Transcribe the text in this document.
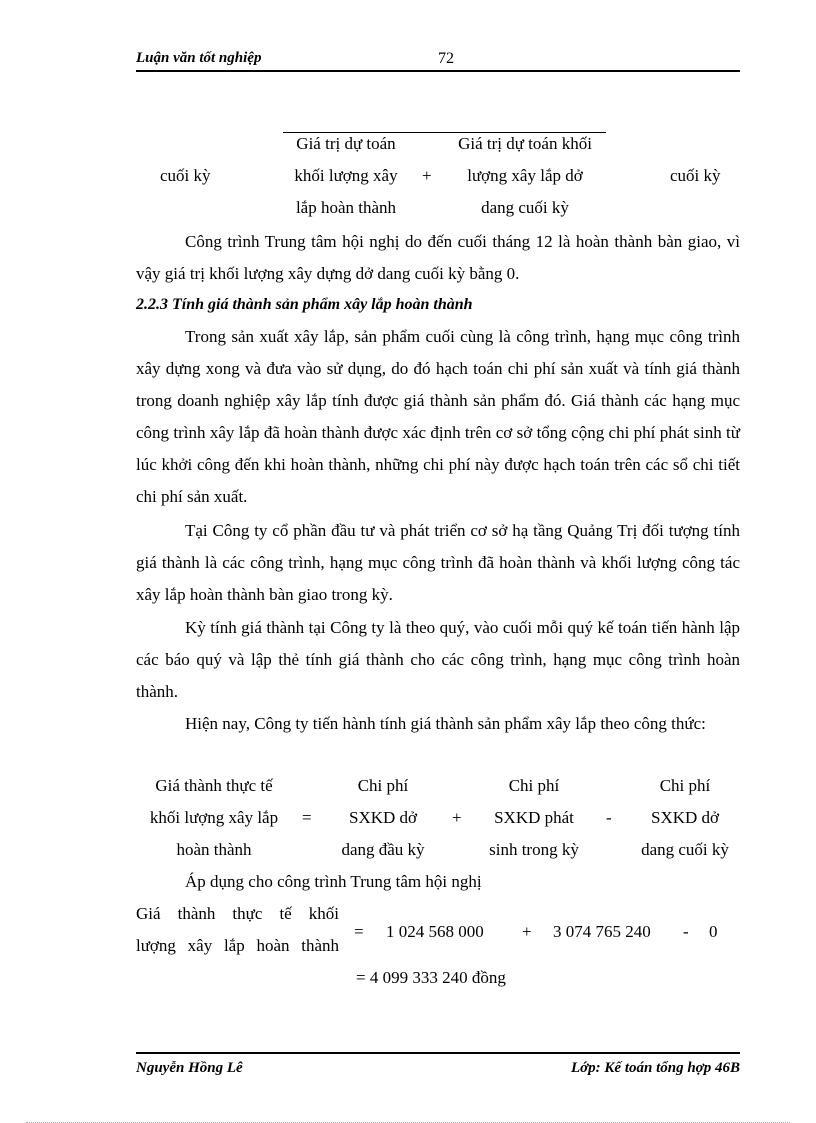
Luận văn tốt nghiệp	72
cuối kỳ
Giá trị dự toán
khối lượng xây
lắp hoàn thành
+
Giá trị dự toán khối
lượng xây lắp dở
dang cuối kỳ
cuối kỳ
Công trình Trung tâm hội nghị do đến cuối tháng 12 là hoàn thành bàn giao, vì vậy giá trị khối lượng xây dựng dở dang cuối kỳ bằng 0.
2.2.3 Tính giá thành sản phẩm xây lắp hoàn thành
Trong sản xuất xây lắp, sản phẩm cuối cùng là công trình, hạng mục công trình xây dựng xong và đưa vào sử dụng, do đó hạch toán chi phí sản xuất và tính giá thành trong doanh nghiệp xây lắp tính được giá thành sản phẩm đó. Giá thành các hạng mục công trình xây lắp đã hoàn thành được xác định trên cơ sở tổng cộng chi phí phát sinh từ lúc khởi công đến khi hoàn thành, những chi phí này được hạch toán trên các sổ chi tiết chi phí sản xuất.
Tại Công ty cổ phần đầu tư và phát triển cơ sở hạ tầng Quảng Trị đối tượng tính giá thành là các công trình, hạng mục công trình đã hoàn thành và khối lượng công tác xây lắp hoàn thành bàn giao trong kỳ.
Kỳ tính giá thành tại Công ty là theo quý, vào cuối mỗi quý kế toán tiến hành lập các báo quý và lập thẻ tính giá thành cho các công trình, hạng mục công trình hoàn thành.
Hiện nay, Công ty tiến hành tính giá thành sản phẩm xây lắp theo công thức:
Giá thành thực tế
khối lượng xây lắp
hoàn thành
=
Chi phí
SXKD dở
dang đầu kỳ
+
Chi phí
SXKD phát
sinh trong kỳ
-
Chi phí
SXKD dở
dang cuối kỳ
Áp dụng cho công trình Trung tâm hội nghị
Giá thành thực tế khối
lượng xây lắp hoàn thành
= 1 024 568 000 + 3 074 765 240 - 0
= 4 099 333 240 đồng
Nguyễn Hồng Lê	Lớp: Kế toán tổng hợp 46B
